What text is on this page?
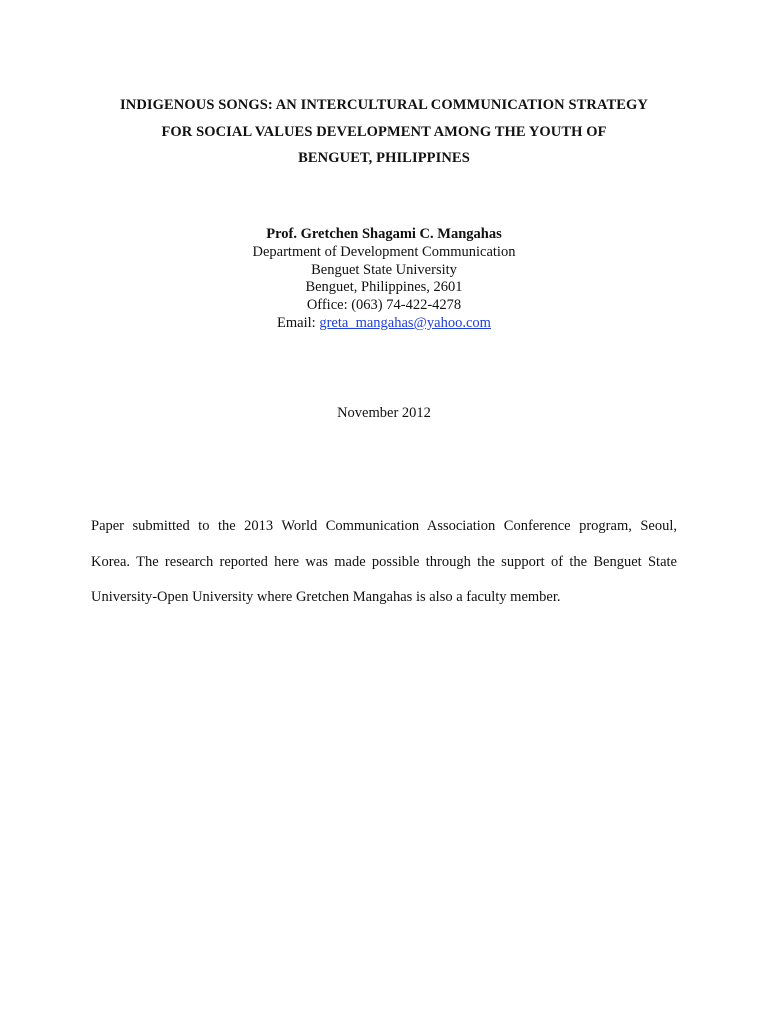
INDIGENOUS SONGS: AN INTERCULTURAL COMMUNICATION STRATEGY
FOR SOCIAL VALUES DEVELOPMENT AMONG THE YOUTH OF
BENGUET, PHILIPPINES
Prof. Gretchen Shagami C. Mangahas
Department of Development Communication
Benguet State University
Benguet, Philippines, 2601
Office: (063) 74-422-4278
Email: greta_mangahas@yahoo.com
November 2012
Paper submitted to the 2013 World Communication Association Conference program, Seoul,
Korea. The research reported here was made possible through the support of the Benguet State
University-Open University where Gretchen Mangahas is also a faculty member.
